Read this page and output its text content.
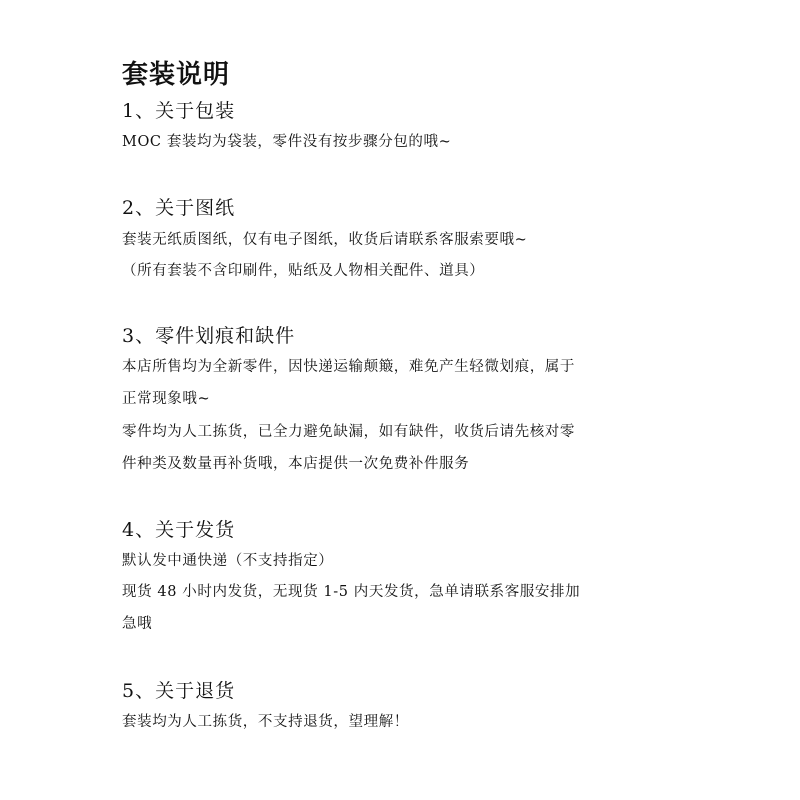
套装说明
1、关于包装
MOC 套装均为袋装，零件没有按步骤分包的哦~
2、关于图纸
套装无纸质图纸，仅有电子图纸，收货后请联系客服索要哦~
（所有套装不含印刷件，贴纸及人物相关配件、道具）
3、零件划痕和缺件
本店所售均为全新零件，因快递运输颠簸，难免产生轻微划痕，属于
正常现象哦~
零件均为人工拣货，已全力避免缺漏，如有缺件，收货后请先核对零
件种类及数量再补货哦，本店提供一次免费补件服务
4、关于发货
默认发中通快递（不支持指定）
现货 48 小时内发货，无现货 1-5 内天发货，急单请联系客服安排加
急哦
5、关于退货
套装均为人工拣货，不支持退货，望理解！
